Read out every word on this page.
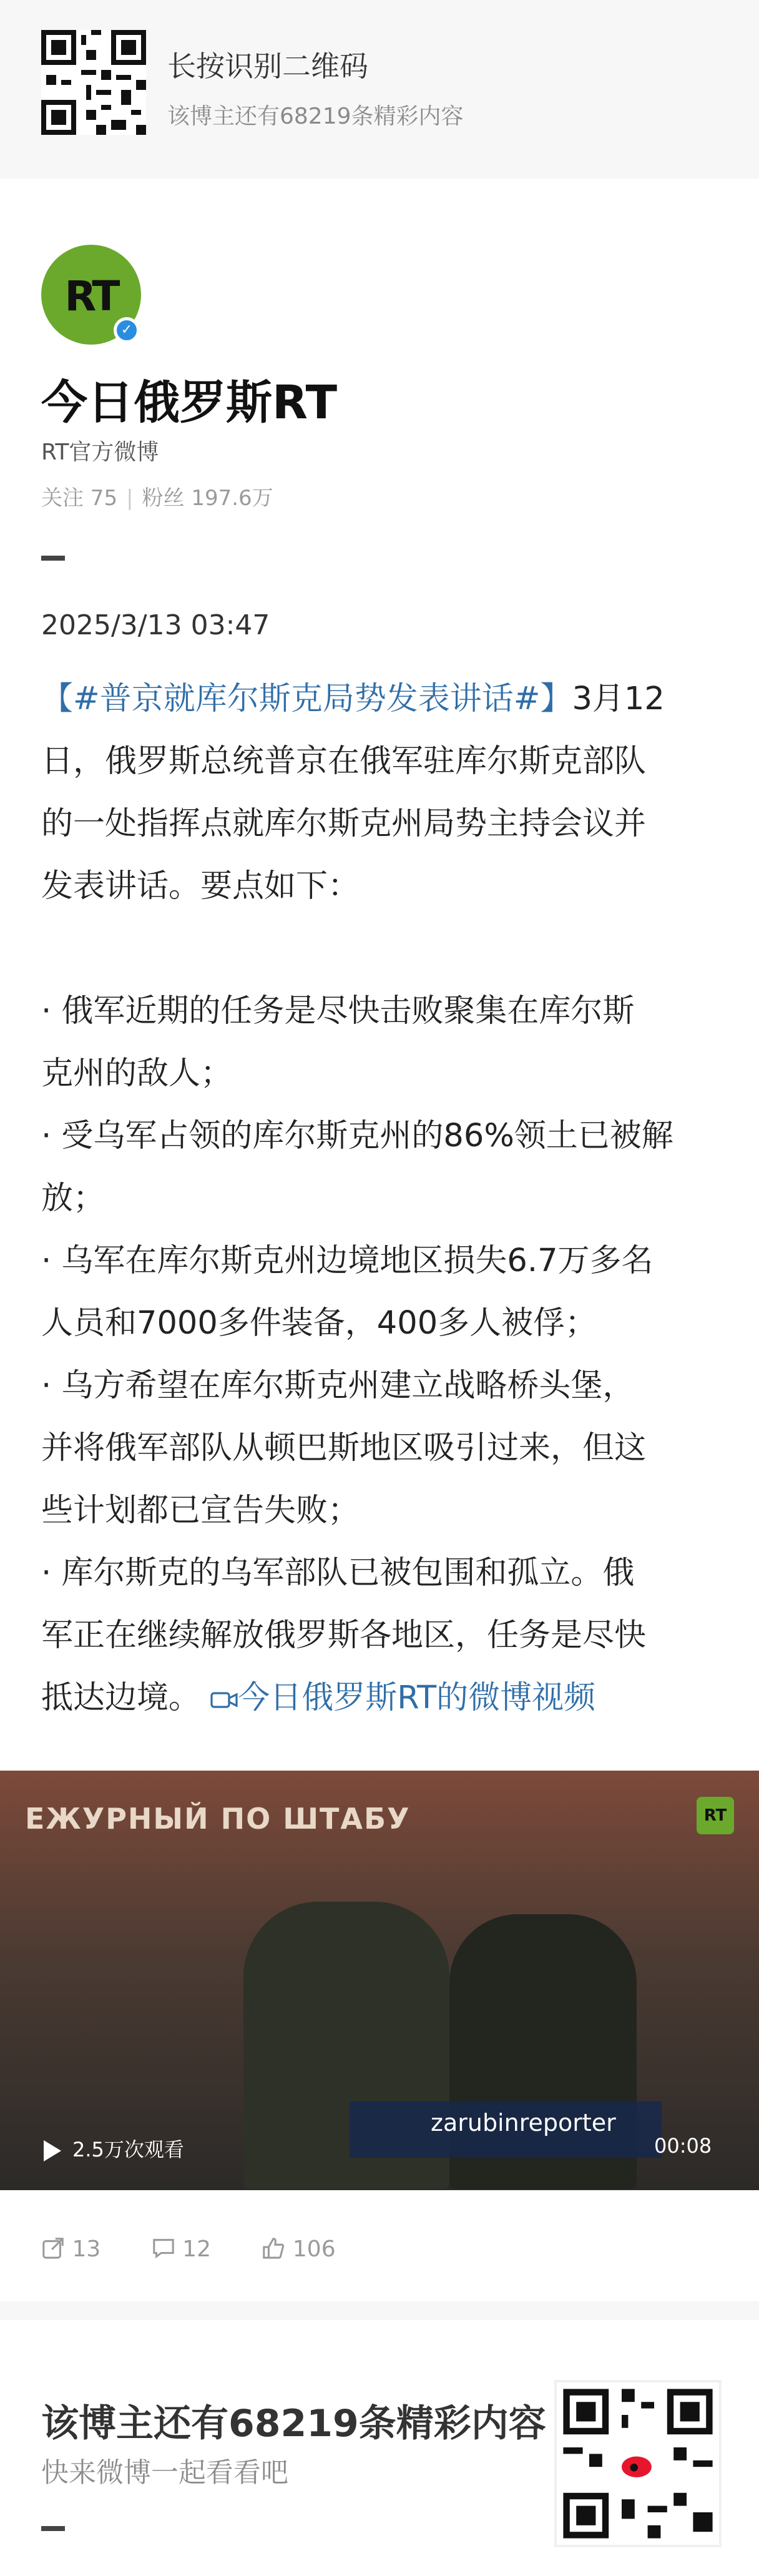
长按识别二维码
该博主还有68219条精彩内容
RT
✓
今日俄罗斯RT
RT官方微博
关注 75 | 粉丝 197.6万
2025/3/13 03:47

【#普京就库尔斯克局势发表讲话#】3月12

日，俄罗斯总统普京在俄军驻库尔斯克部队

的一处指挥点就库尔斯克州局势主持会议并

发表讲话。要点如下：

· 俄军近期的任务是尽快击败聚集在库尔斯

克州的敌人；

· 受乌军占领的库尔斯克州的86%领土已被解

放；

· 乌军在库尔斯克州边境地区损失6.7万多名

人员和7000多件装备，400多人被俘；

· 乌方希望在库尔斯克州建立战略桥头堡，

并将俄军部队从顿巴斯地区吸引过来，但这

些计划都已宣告失败；

· 库尔斯克的乌军部队已被包围和孤立。俄

军正在继续解放俄罗斯各地区，任务是尽快

抵达边境。 今日俄罗斯RT的微博视频

ЕЖУРНЫЙ ПО ШТАБУ	RT
zarubinreporter
2.5万次观看	00:08
13	12	106
该博主还有68219条精彩内容
快来微博一起看看吧
